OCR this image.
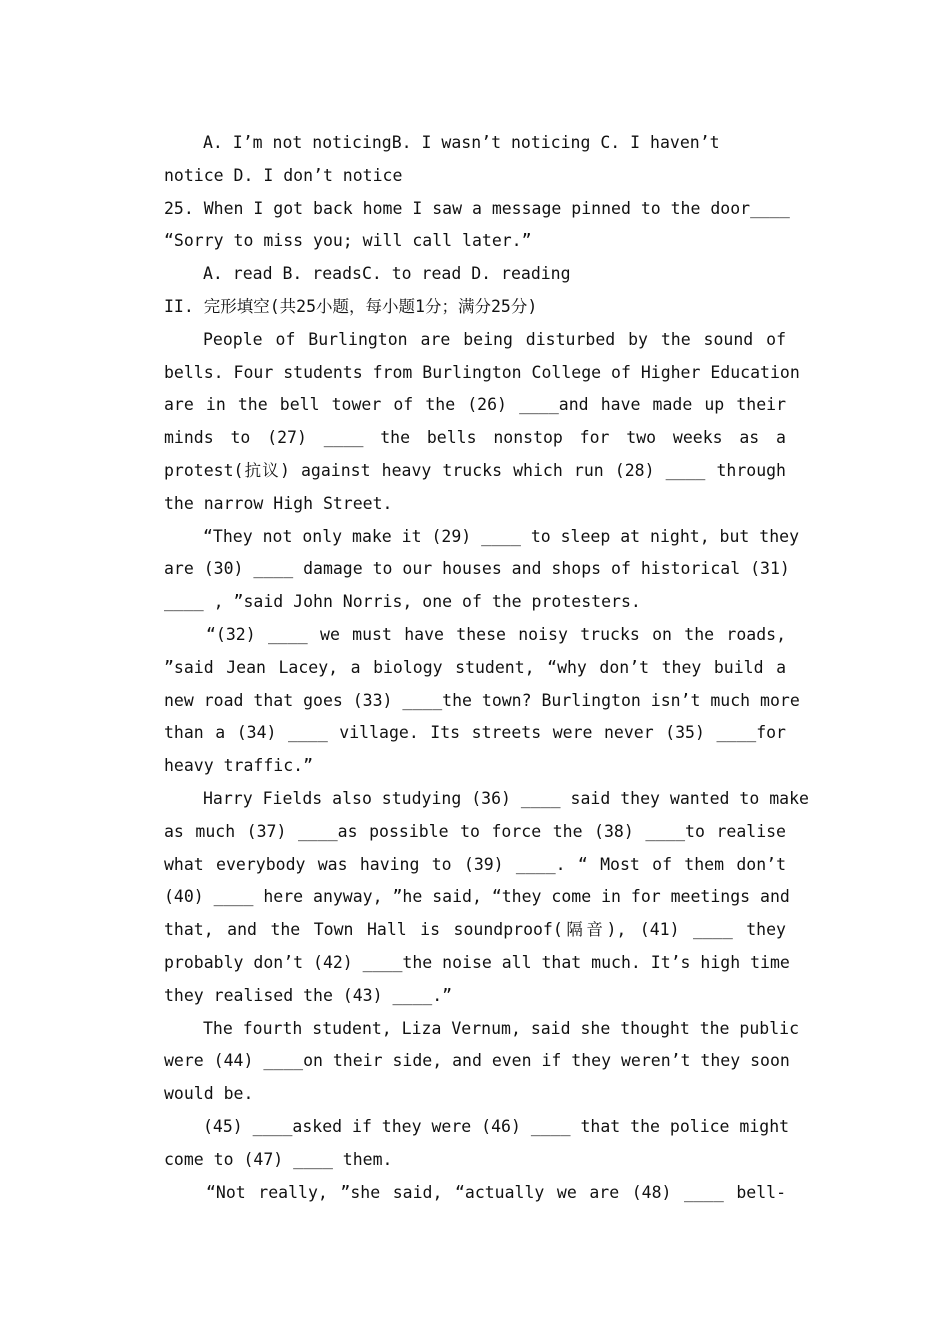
A. I’m not noticingB. I wasn’t noticing C. I haven’t
notice D. I don’t notice
25. When I got back home I saw a message pinned to the door____
“Sorry to miss you; will call later.”
A. read B. readsC. to read D. reading
II. 完形填空(共25小题，每小题1分；满分25分)
People of Burlington are being disturbed by the sound of
bells. Four students from Burlington College of Higher Education
are in the bell tower of the (26) ____and have made up their
minds to (27) ____ the bells nonstop for two weeks as a
protest(抗议) against heavy trucks which run (28) ____ through
the narrow High Street.
“They not only make it (29) ____ to sleep at night, but they
are (30) ____ damage to our houses and shops of historical (31)
____ , ”said John Norris, one of the protesters.
“(32) ____ we must have these noisy trucks on the roads,
”said Jean Lacey, a biology student, “why don’t they build a
new road that goes (33) ____the town? Burlington isn’t much more
than a (34) ____ village. Its streets were never (35) ____for
heavy traffic.”
Harry Fields also studying (36) ____ said they wanted to make
as much (37) ____as possible to force the (38) ____to realise
what everybody was having to (39) ____. “ Most of them don’t
(40) ____ here anyway, ”he said, “they come in for meetings and
that, and the Town Hall is soundproof(隔音), (41) ____ they
probably don’t (42) ____the noise all that much. It’s high time
they realised the (43) ____.”
The fourth student, Liza Vernum, said she thought the public
were (44) ____on their side, and even if they weren’t they soon
would be.
(45) ____asked if they were (46) ____ that the police might
come to (47) ____ them.
“Not really, ”she said, “actually we are (48) ____ bell-
